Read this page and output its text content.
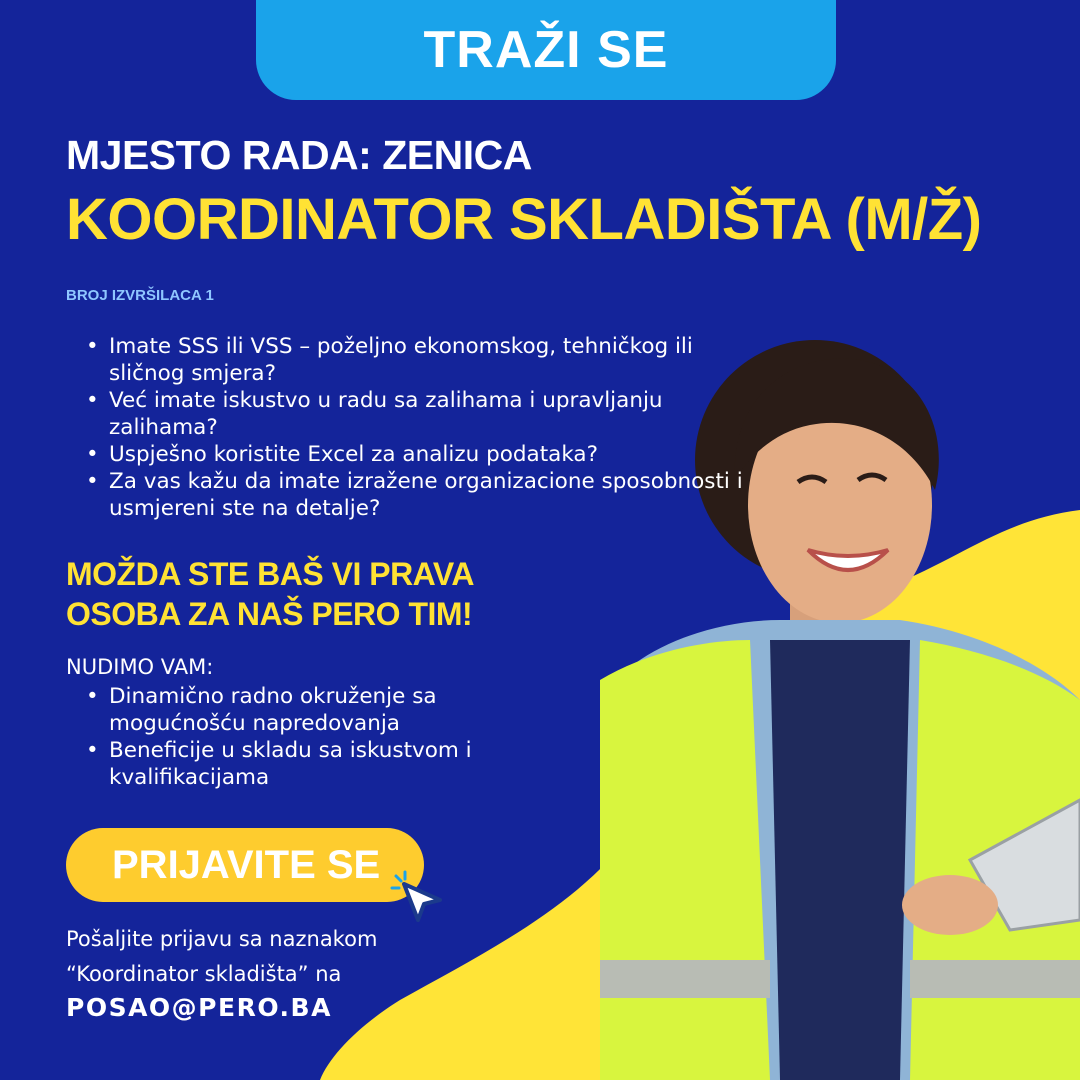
TRAŽI SE
MJESTO RADA: ZENICA
KOORDINATOR SKLADIŠTA (M/Ž)
BROJ IZVRŠILACA 1
• Imate SSS ili VSS – poželjno ekonomskog, tehničkog ili sličnog smjera?
• Već imate iskustvo u radu sa zalihama i upravljanju zalihama?
• Uspješno koristite Excel za analizu podataka?
• Za vas kažu da imate izražene organizacione sposobnosti i usmjereni ste na detalje?
MOŽDA STE BAŠ VI PRAVA
OSOBA ZA NAŠ PERO TIM!
NUDIMO VAM:
• Dinamično radno okruženje sa mogućnošću napredovanja
• Beneficije u skladu sa iskustvom i kvalifikacijama
PRIJAVITE SE
Pošaljite prijavu sa naznakom
“Koordinator skladišta” na
POSAO@PERO.BA
